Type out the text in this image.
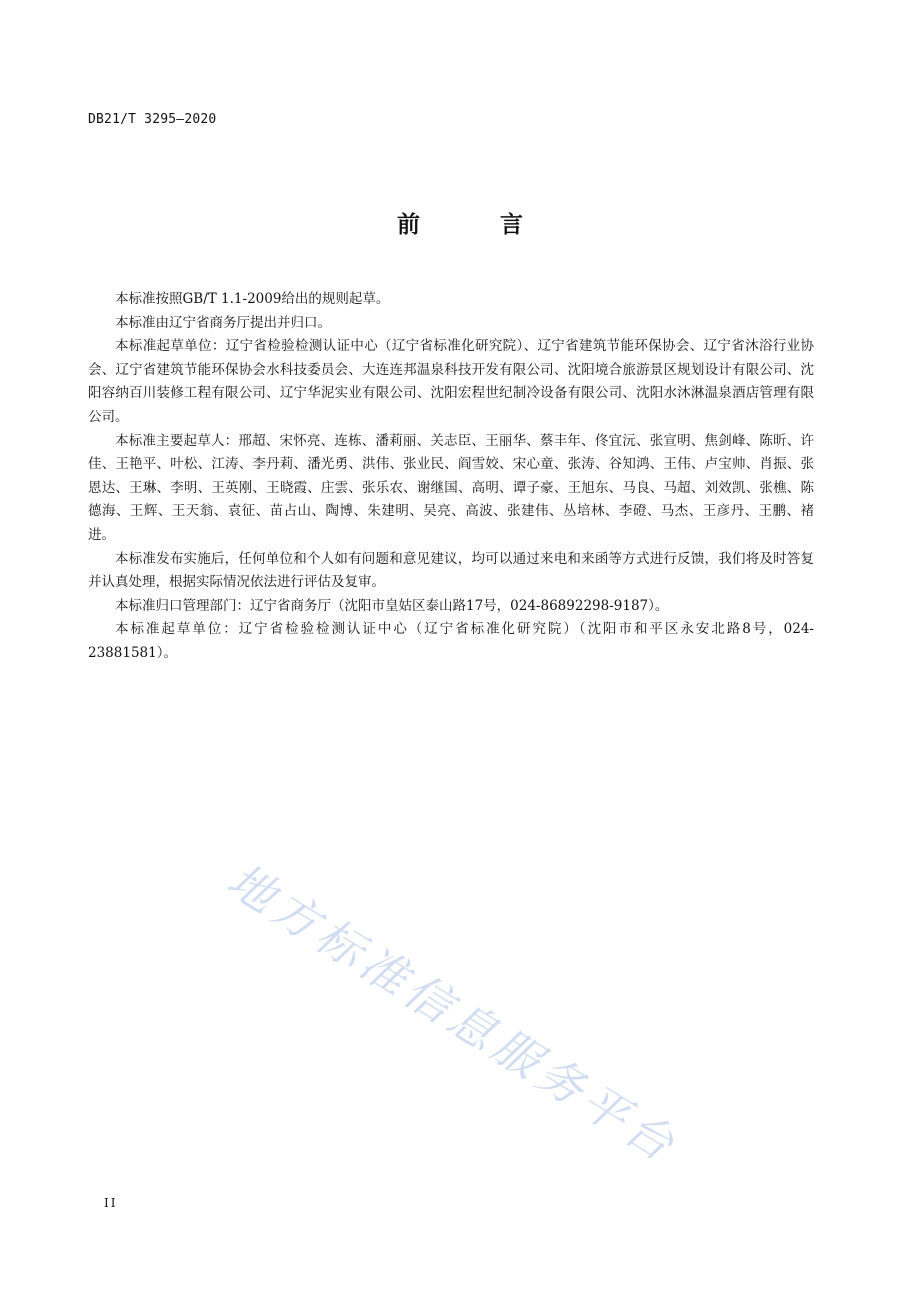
DB21/T 3295—2020
前 言

本标准按照GB/T 1.1-2009给出的规则起草。

本标准由辽宁省商务厅提出并归口。

本标准起草单位：辽宁省检验检测认证中心（辽宁省标准化研究院）、辽宁省建筑节能环保协会、辽宁省沐浴行业协会、辽宁省建筑节能环保协会水科技委员会、大连连邦温泉科技开发有限公司、沈阳境合旅游景区规划设计有限公司、沈阳容纳百川装修工程有限公司、辽宁华泥实业有限公司、沈阳宏程世纪制冷设备有限公司、沈阳水沐淋温泉酒店管理有限公司。

本标准主要起草人：邢超、宋怀亮、连栋、潘莉丽、关志臣、王丽华、蔡丰年、佟宜沅、张宣明、焦剑峰、陈昕、许佳、王艳平、叶松、江涛、李丹莉、潘光勇、洪伟、张业民、阎雪姣、宋心童、张涛、谷知鸿、王伟、卢宝帅、肖振、张恩达、王琳、李明、王英刚、王晓霞、庄雲、张乐农、谢继国、高明、谭子豪、王旭东、马良、马超、刘效凯、张樵、陈德海、王辉、王天翁、袁征、苗占山、陶博、朱建明、吴亮、高波、张建伟、丛培林、李磴、马杰、王彦丹、王鹏、褚进。

本标准发布实施后，任何单位和个人如有问题和意见建议，均可以通过来电和来函等方式进行反馈，我们将及时答复并认真处理，根据实际情况依法进行评估及复审。

本标准归口管理部门：辽宁省商务厅（沈阳市皇姑区泰山路17号，024-86892298-9187）。

本标准起草单位：辽宁省检验检测认证中心（辽宁省标准化研究院）（沈阳市和平区永安北路8号，024-23881581）。

地方标准信息服务平台
II
